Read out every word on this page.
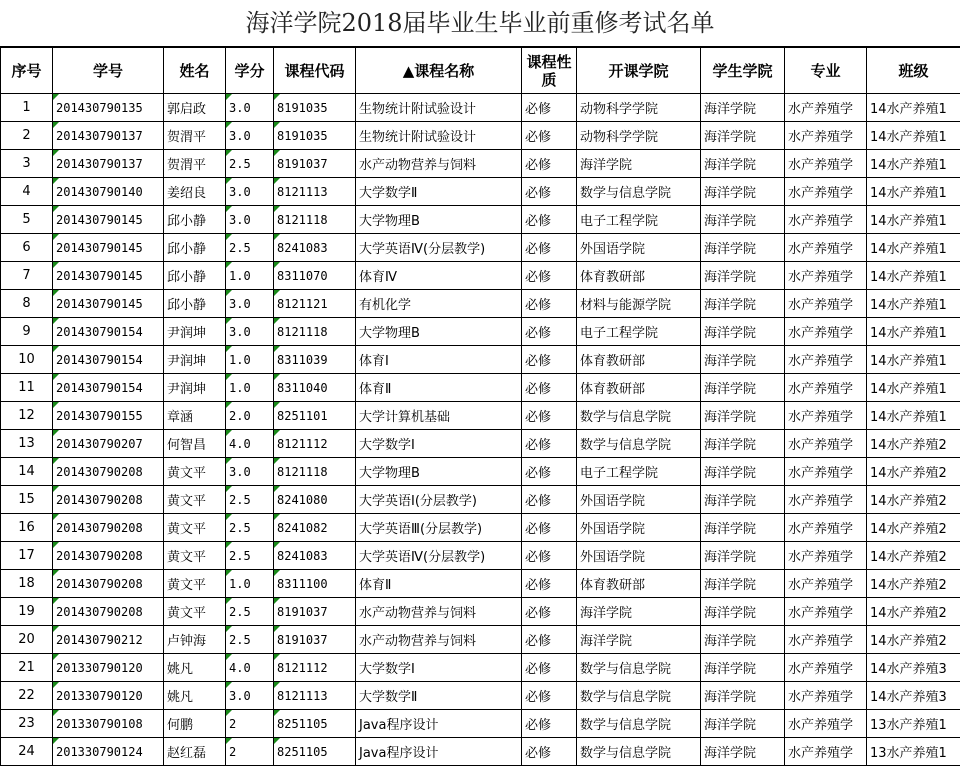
海洋学院2018届毕业生毕业前重修考试名单
序号	学号	姓名	学分	课程代码	▲课程名称	课程性质	开课学院	学生学院	专业	班级
1	201430790135	郭启政	3.0	8191035	生物统计附试验设计	必修	动物科学学院	海洋学院	水产养殖学	14水产养殖1
2	201430790137	贺渭平	3.0	8191035	生物统计附试验设计	必修	动物科学学院	海洋学院	水产养殖学	14水产养殖1
3	201430790137	贺渭平	2.5	8191037	水产动物营养与饲料	必修	海洋学院	海洋学院	水产养殖学	14水产养殖1
4	201430790140	姜绍良	3.0	8121113	大学数学Ⅱ	必修	数学与信息学院	海洋学院	水产养殖学	14水产养殖1
5	201430790145	邱小静	3.0	8121118	大学物理B	必修	电子工程学院	海洋学院	水产养殖学	14水产养殖1
6	201430790145	邱小静	2.5	8241083	大学英语Ⅳ(分层教学)	必修	外国语学院	海洋学院	水产养殖学	14水产养殖1
7	201430790145	邱小静	1.0	8311070	体育Ⅳ	必修	体育教研部	海洋学院	水产养殖学	14水产养殖1
8	201430790145	邱小静	3.0	8121121	有机化学	必修	材料与能源学院	海洋学院	水产养殖学	14水产养殖1
9	201430790154	尹润坤	3.0	8121118	大学物理B	必修	电子工程学院	海洋学院	水产养殖学	14水产养殖1
10	201430790154	尹润坤	1.0	8311039	体育Ⅰ	必修	体育教研部	海洋学院	水产养殖学	14水产养殖1
11	201430790154	尹润坤	1.0	8311040	体育Ⅱ	必修	体育教研部	海洋学院	水产养殖学	14水产养殖1
12	201430790155	章涵	2.0	8251101	大学计算机基础	必修	数学与信息学院	海洋学院	水产养殖学	14水产养殖1
13	201430790207	何智昌	4.0	8121112	大学数学Ⅰ	必修	数学与信息学院	海洋学院	水产养殖学	14水产养殖2
14	201430790208	黄文平	3.0	8121118	大学物理B	必修	电子工程学院	海洋学院	水产养殖学	14水产养殖2
15	201430790208	黄文平	2.5	8241080	大学英语Ⅰ(分层教学)	必修	外国语学院	海洋学院	水产养殖学	14水产养殖2
16	201430790208	黄文平	2.5	8241082	大学英语Ⅲ(分层教学)	必修	外国语学院	海洋学院	水产养殖学	14水产养殖2
17	201430790208	黄文平	2.5	8241083	大学英语Ⅳ(分层教学)	必修	外国语学院	海洋学院	水产养殖学	14水产养殖2
18	201430790208	黄文平	1.0	8311100	体育Ⅱ	必修	体育教研部	海洋学院	水产养殖学	14水产养殖2
19	201430790208	黄文平	2.5	8191037	水产动物营养与饲料	必修	海洋学院	海洋学院	水产养殖学	14水产养殖2
20	201430790212	卢钟海	2.5	8191037	水产动物营养与饲料	必修	海洋学院	海洋学院	水产养殖学	14水产养殖2
21	201330790120	姚凡	4.0	8121112	大学数学Ⅰ	必修	数学与信息学院	海洋学院	水产养殖学	14水产养殖3
22	201330790120	姚凡	3.0	8121113	大学数学Ⅱ	必修	数学与信息学院	海洋学院	水产养殖学	14水产养殖3
23	201330790108	何鹏	2	8251105	Java程序设计	必修	数学与信息学院	海洋学院	水产养殖学	13水产养殖1
24	201330790124	赵红磊	2	8251105	Java程序设计	必修	数学与信息学院	海洋学院	水产养殖学	13水产养殖1
